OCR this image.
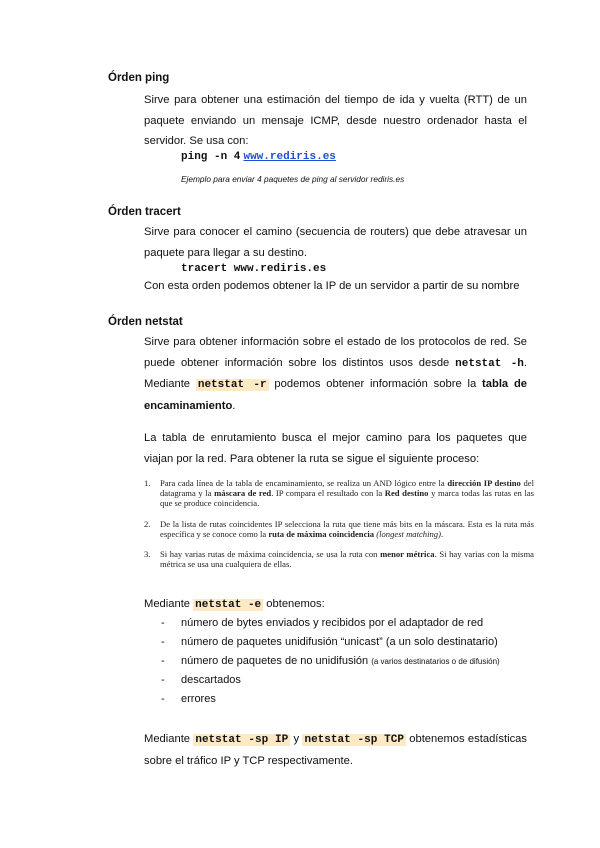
Órden ping
Sirve para obtener una estimación del tiempo de ida y vuelta (RTT) de un paquete enviando un mensaje ICMP, desde nuestro ordenador hasta el servidor. Se usa con:
ping -n 4 www.rediris.es
Ejemplo para enviar 4 paquetes de ping al servidor rediris.es
Órden tracert
Sirve para conocer el camino (secuencia de routers) que debe atravesar un paquete para llegar a su destino.
tracert www.rediris.es
Con esta orden podemos obtener la IP de un servidor a partir de su nombre
Órden netstat
Sirve para obtener información sobre el estado de los protocolos de red. Se puede obtener información sobre los distintos usos desde netstat -h. Mediante netstat -r podemos obtener información sobre la tabla de encaminamiento.
La tabla de enrutamiento busca el mejor camino para los paquetes que viajan por la red. Para obtener la ruta se sigue el siguiente proceso:
1. Para cada línea de la tabla de encaminamiento, se realiza un AND lógico entre la dirección IP destino del datagrama y la máscara de red. IP compara el resultado con la Red destino y marca todas las rutas en las que se produce coincidencia.
2. De la lista de rutas coincidentes IP selecciona la ruta que tiene más bits en la máscara. Esta es la ruta más específica y se conoce como la ruta de máxima coincidencia (longest matching).
3. Si hay varias rutas de máxima coincidencia, se usa la ruta con menor métrica. Si hay varias con la misma métrica se usa una cualquiera de ellas.
Mediante netstat -e obtenemos:
- número de bytes enviados y recibidos por el adaptador de red
- número de paquetes unidifusión “unicast” (a un solo destinatario)
- número de paquetes de no unidifusión (a varios destinatarios o de difusión)
- descartados
- errores
Mediante netstat -sp IP y netstat -sp TCP obtenemos estadísticas sobre el tráfico IP y TCP respectivamente.
